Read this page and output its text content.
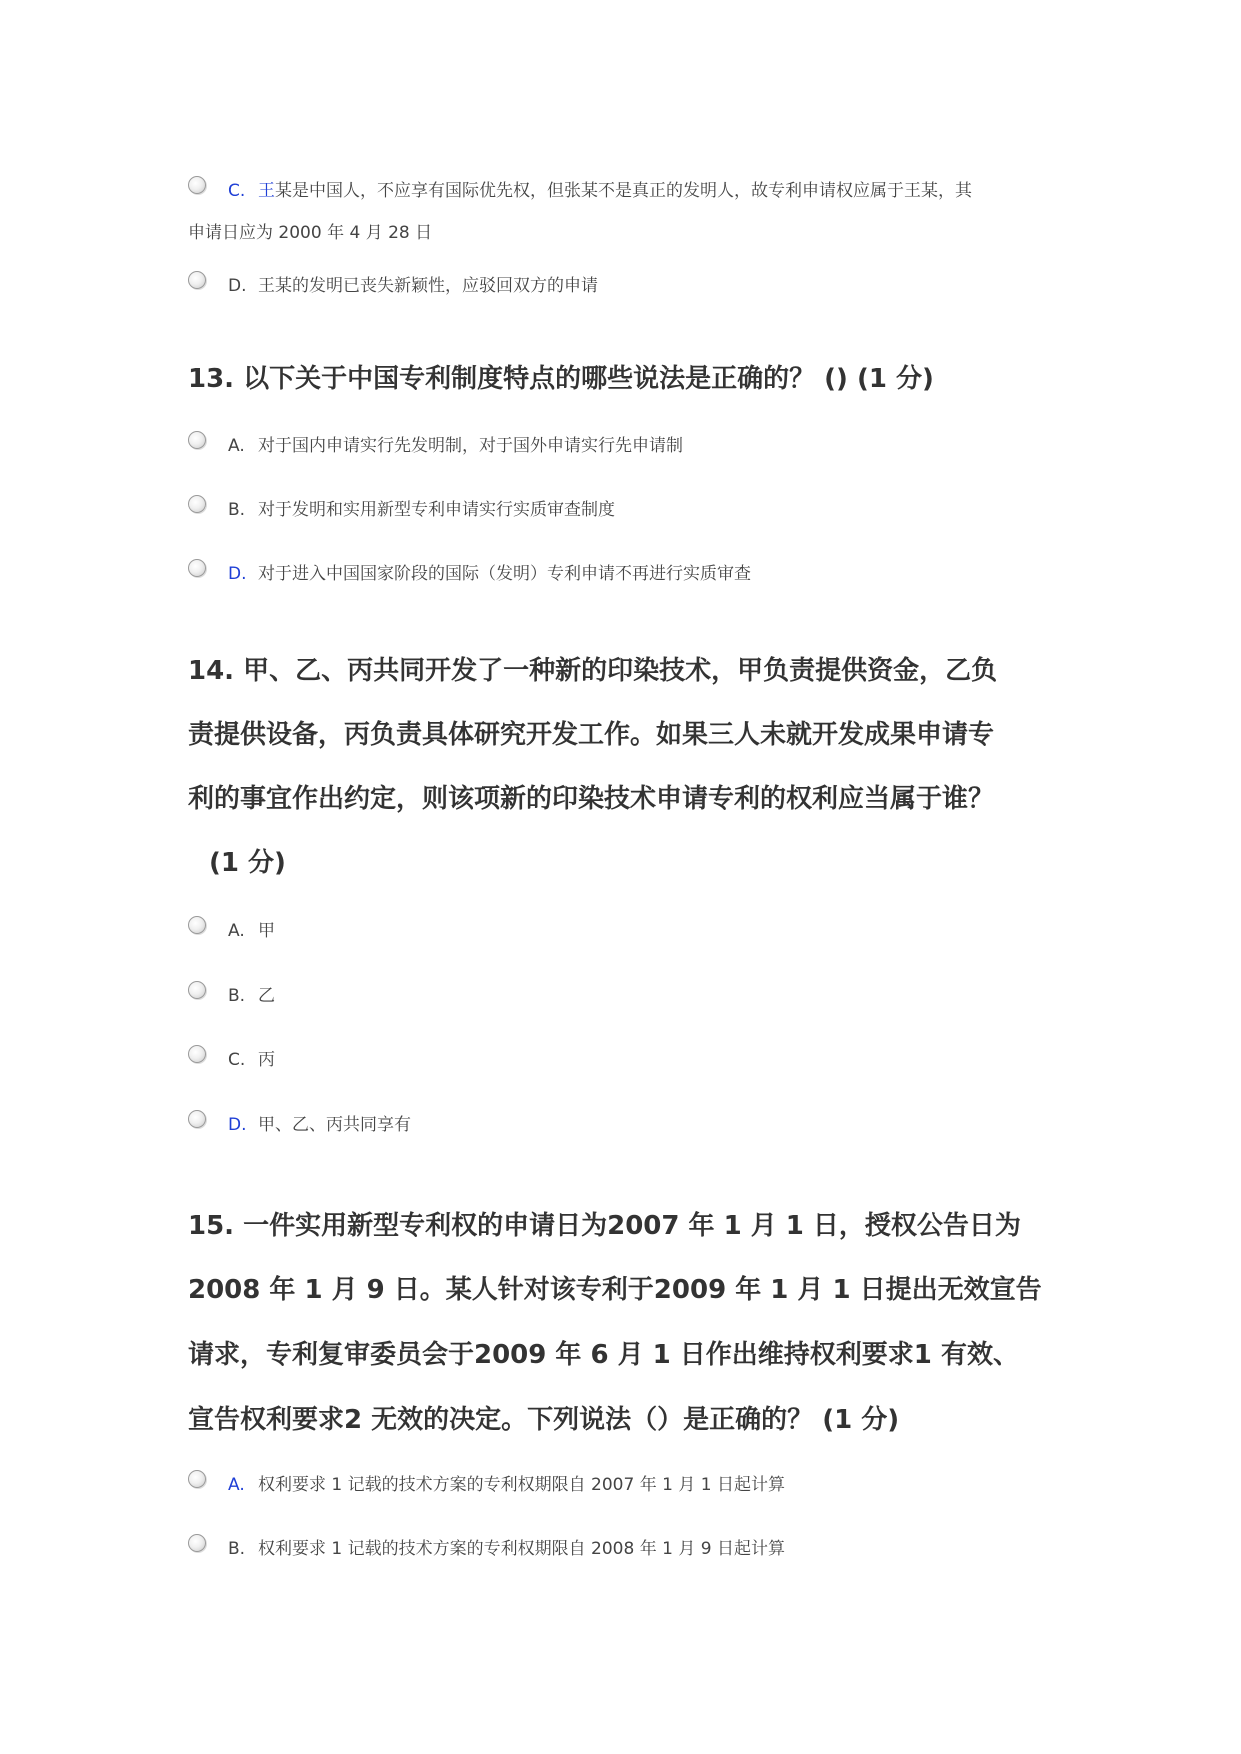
C. 王某是中国人，不应享有国际优先权，但张某不是真正的发明人，故专利申请权应属于王某，其
申请日应为 2000 年 4 月 28 日
D. 王某的发明已丧失新颖性，应驳回双方的申请
13. 以下关于中国专利制度特点的哪些说法是正确的？ () (1 分)
A. 对于国内申请实行先发明制，对于国外申请实行先申请制
B. 对于发明和实用新型专利申请实行实质审查制度
D. 对于进入中国国家阶段的国际（发明）专利申请不再进行实质审查
14. 甲、乙、丙共同开发了一种新的印染技术，甲负责提供资金，乙负
责提供设备，丙负责具体研究开发工作。如果三人未就开发成果申请专
利的事宜作出约定，则该项新的印染技术申请专利的权利应当属于谁？
(1 分)
A. 甲
B. 乙
C. 丙
D. 甲、乙、丙共同享有
15. 一件实用新型专利权的申请日为2007 年 1 月 1 日，授权公告日为
2008 年 1 月 9 日。某人针对该专利于2009 年 1 月 1 日提出无效宣告
请求，专利复审委员会于2009 年 6 月 1 日作出维持权利要求1 有效、
宣告权利要求2 无效的决定。下列说法（）是正确的？ (1 分)
A. 权利要求 1 记载的技术方案的专利权期限自 2007 年 1 月 1 日起计算
B. 权利要求 1 记载的技术方案的专利权期限自 2008 年 1 月 9 日起计算
